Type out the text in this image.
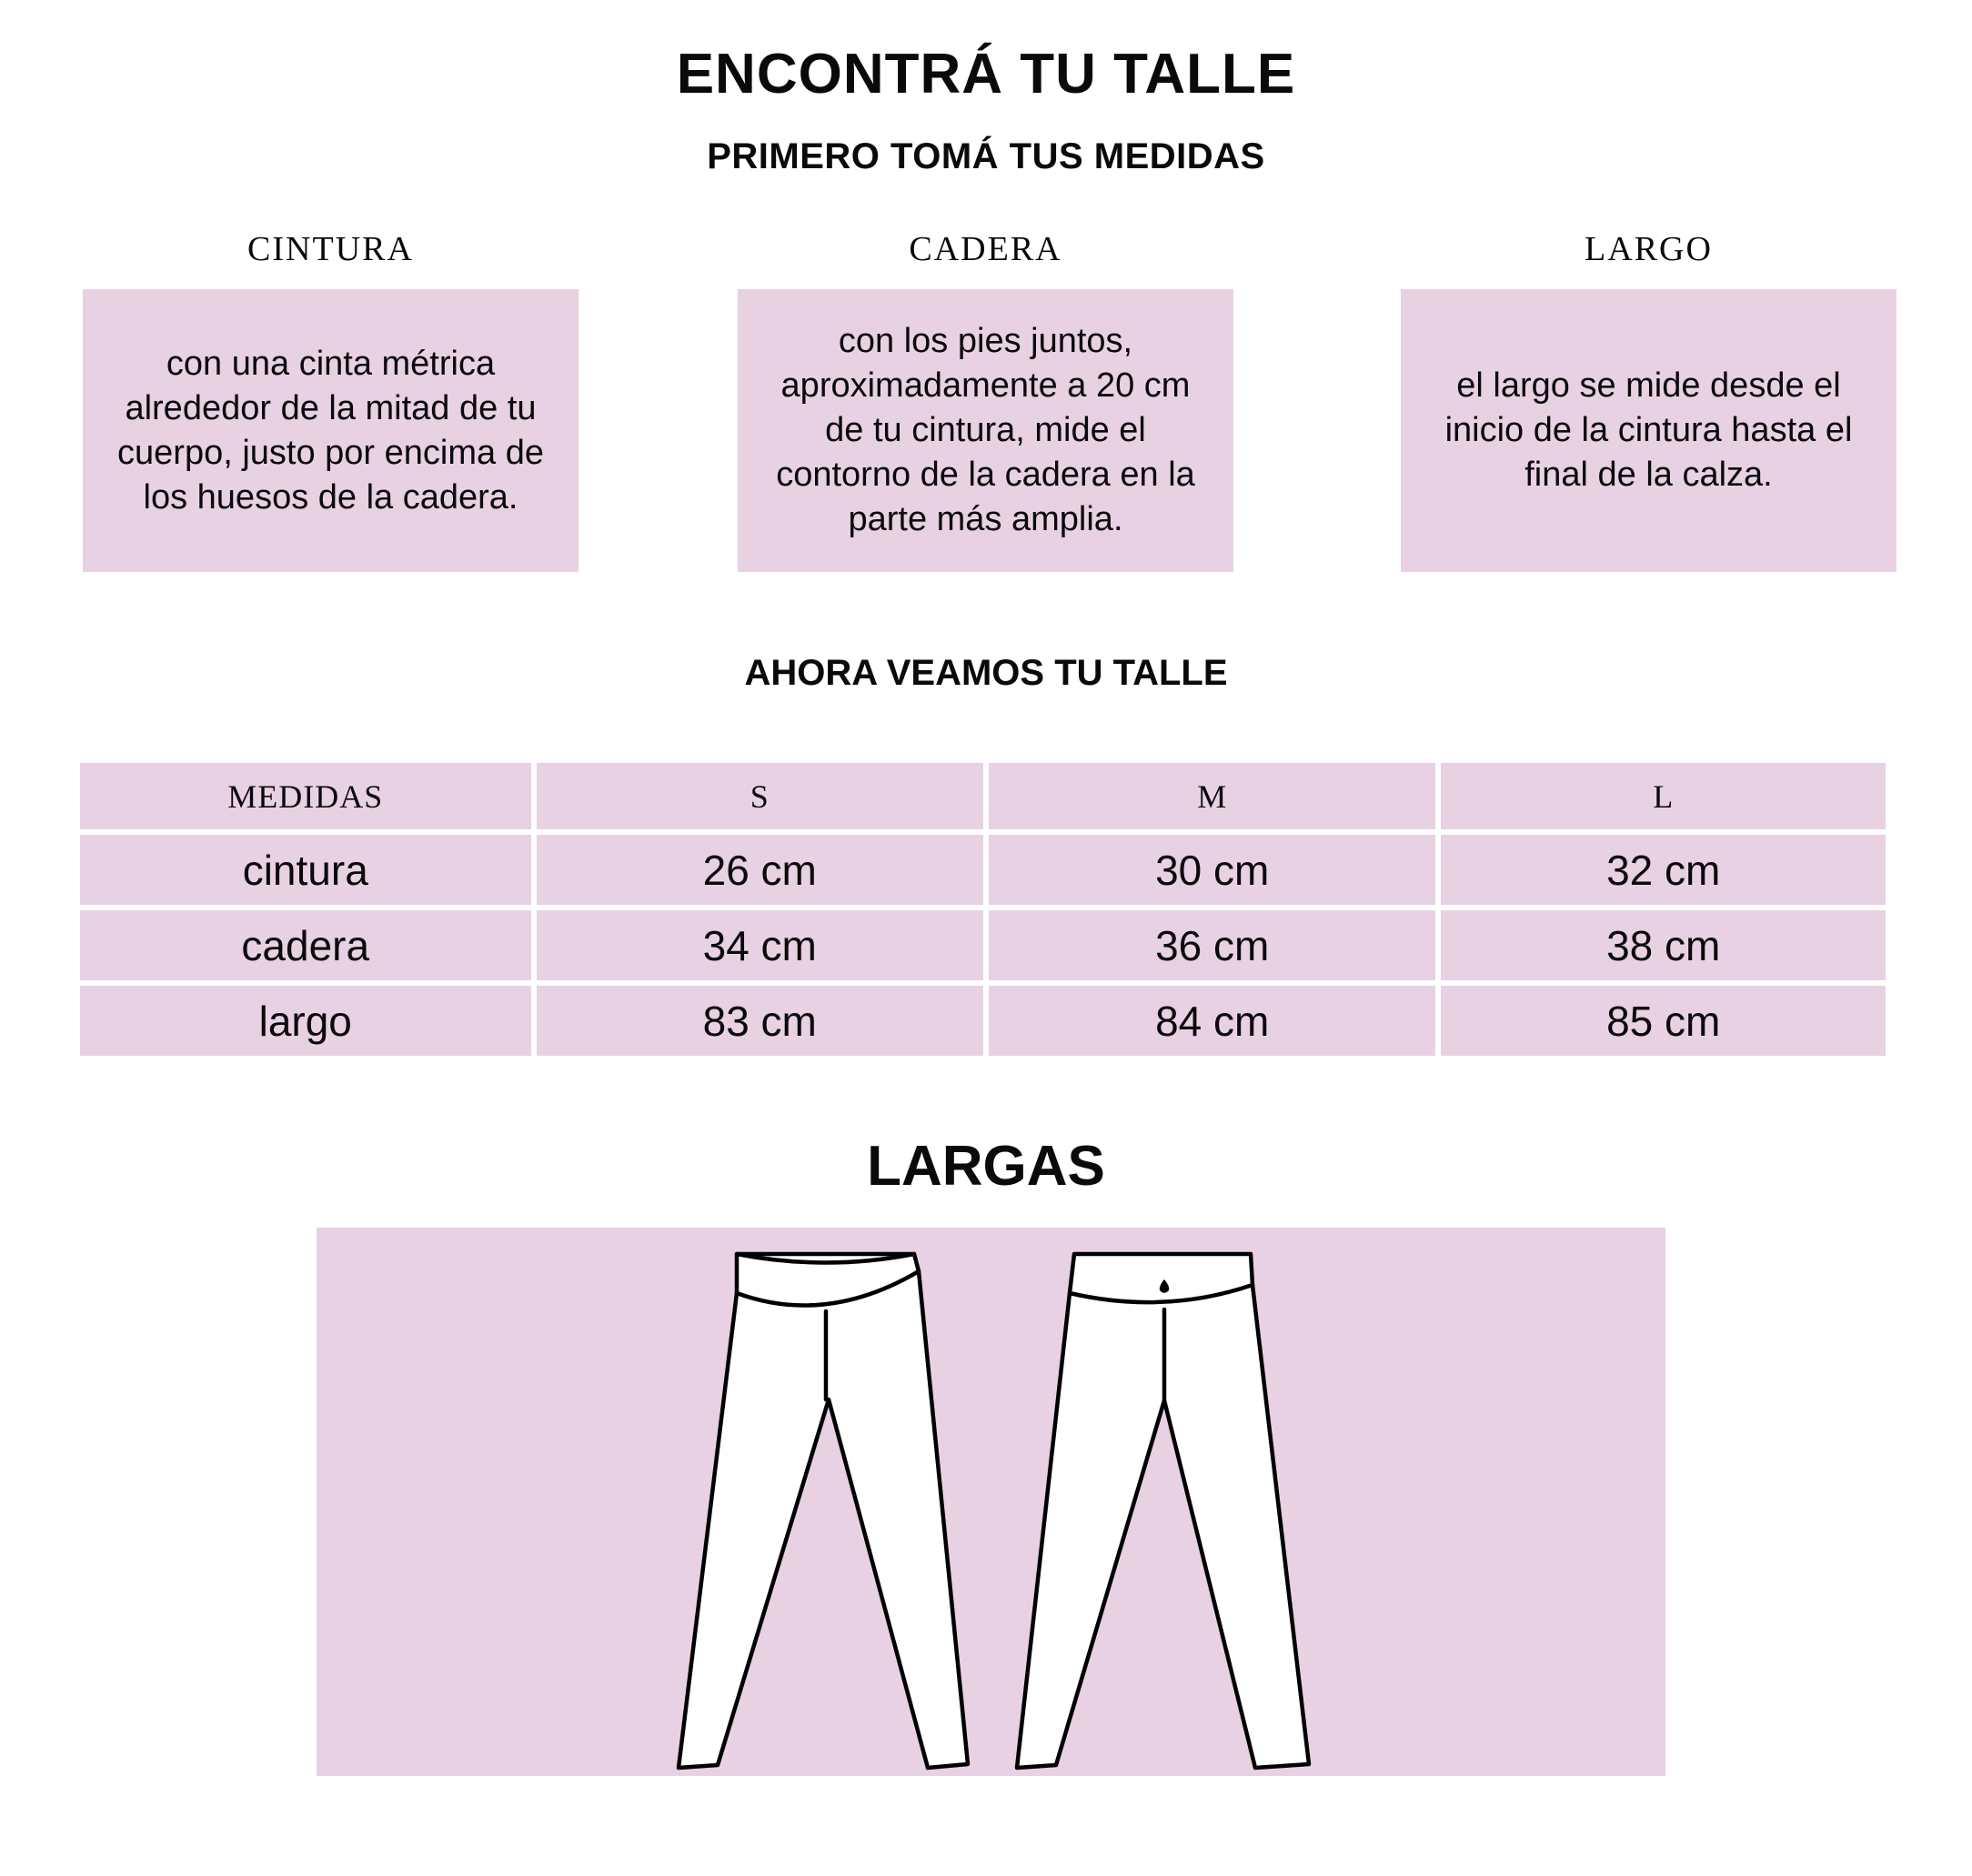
ENCONTRÁ TU TALLE
PRIMERO TOMÁ TUS MEDIDAS
CINTURA
con una cinta métrica alrededor de la mitad de tu cuerpo, justo por encima de los huesos de la cadera.
CADERA
con los pies juntos, aproximadamente a 20 cm de tu cintura, mide el contorno de la cadera en la parte más amplia.
LARGO
el largo se mide desde el inicio de la cintura hasta el final de la calza.
AHORA VEAMOS TU TALLE
MEDIDAS	S	M	L
cintura	26 cm	30 cm	32 cm
cadera	34 cm	36 cm	38 cm
largo	83 cm	84 cm	85 cm
LARGAS
